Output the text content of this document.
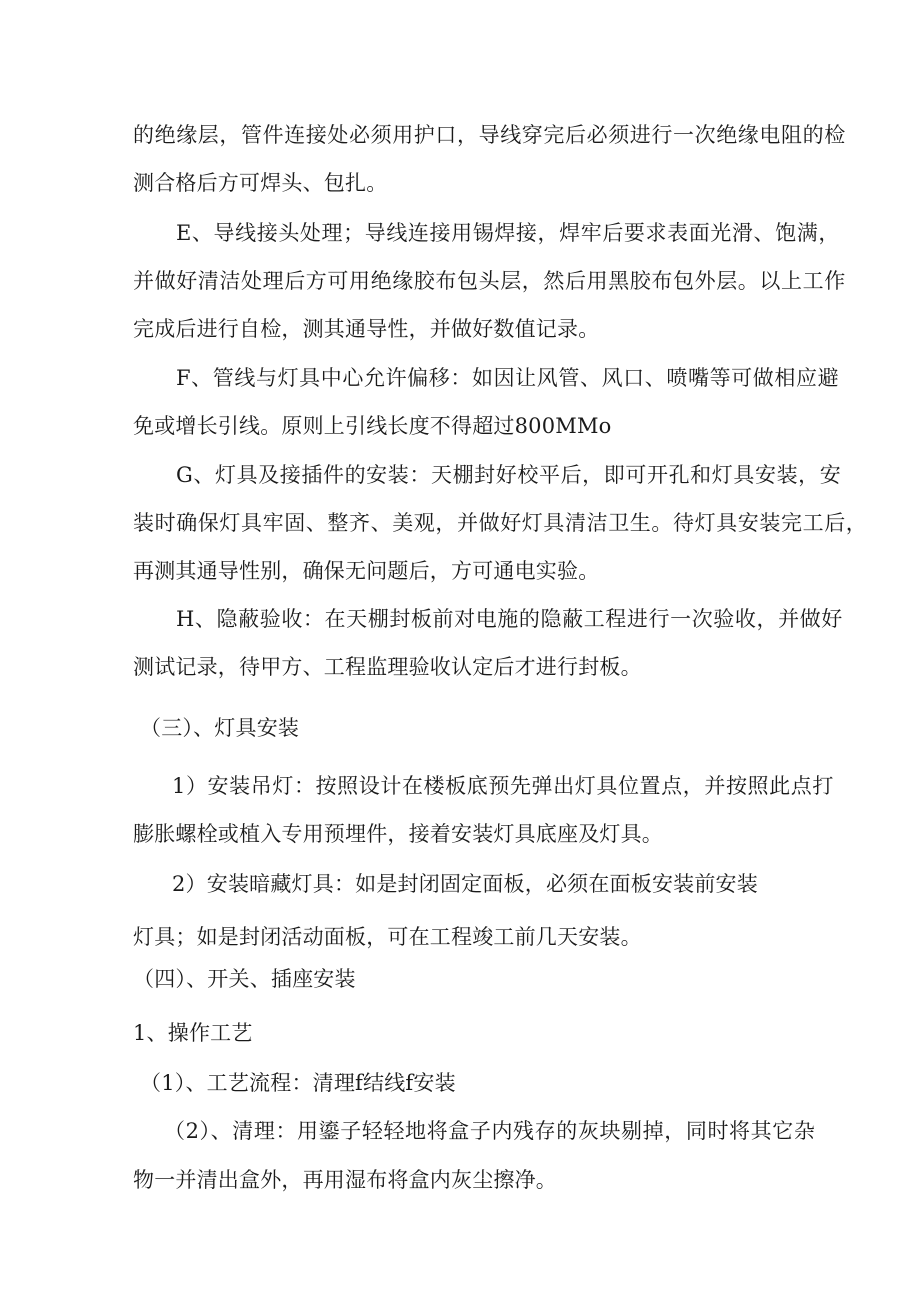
的绝缘层，管件连接处必须用护口，导线穿完后必须进行一次绝缘电阻的检
测合格后方可焊头、包扎。
E、导线接头处理；导线连接用锡焊接，焊牢后要求表面光滑、饱满，
并做好清洁处理后方可用绝缘胶布包头层，然后用黑胶布包外层。以上工作
完成后进行自检，测其通导性，并做好数值记录。
F、管线与灯具中心允许偏移：如因让风管、风口、喷嘴等可做相应避
免或增长引线。原则上引线长度不得超过800MMo
G、灯具及接插件的安装：天棚封好校平后，即可开孔和灯具安装，安
装时确保灯具牢固、整齐、美观，并做好灯具清洁卫生。待灯具安装完工后，
再测其通导性别，确保无问题后，方可通电实验。
H、隐蔽验收：在天棚封板前对电施的隐蔽工程进行一次验收，并做好
测试记录，待甲方、工程监理验收认定后才进行封板。
（三）、灯具安装
1）安装吊灯：按照设计在楼板底预先弹出灯具位置点，并按照此点打
膨胀螺栓或植入专用预埋件，接着安装灯具底座及灯具。
2）安装暗藏灯具：如是封闭固定面板，必须在面板安装前安装
灯具；如是封闭活动面板，可在工程竣工前几天安装。
（四）、开关、插座安装
1、操作工艺
（1）、工艺流程：清理f结线f安装
（2）、清理：用鎏子轻轻地将盒子内残存的灰块剔掉，同时将其它杂
物一并清出盒外，再用湿布将盒内灰尘擦净。
